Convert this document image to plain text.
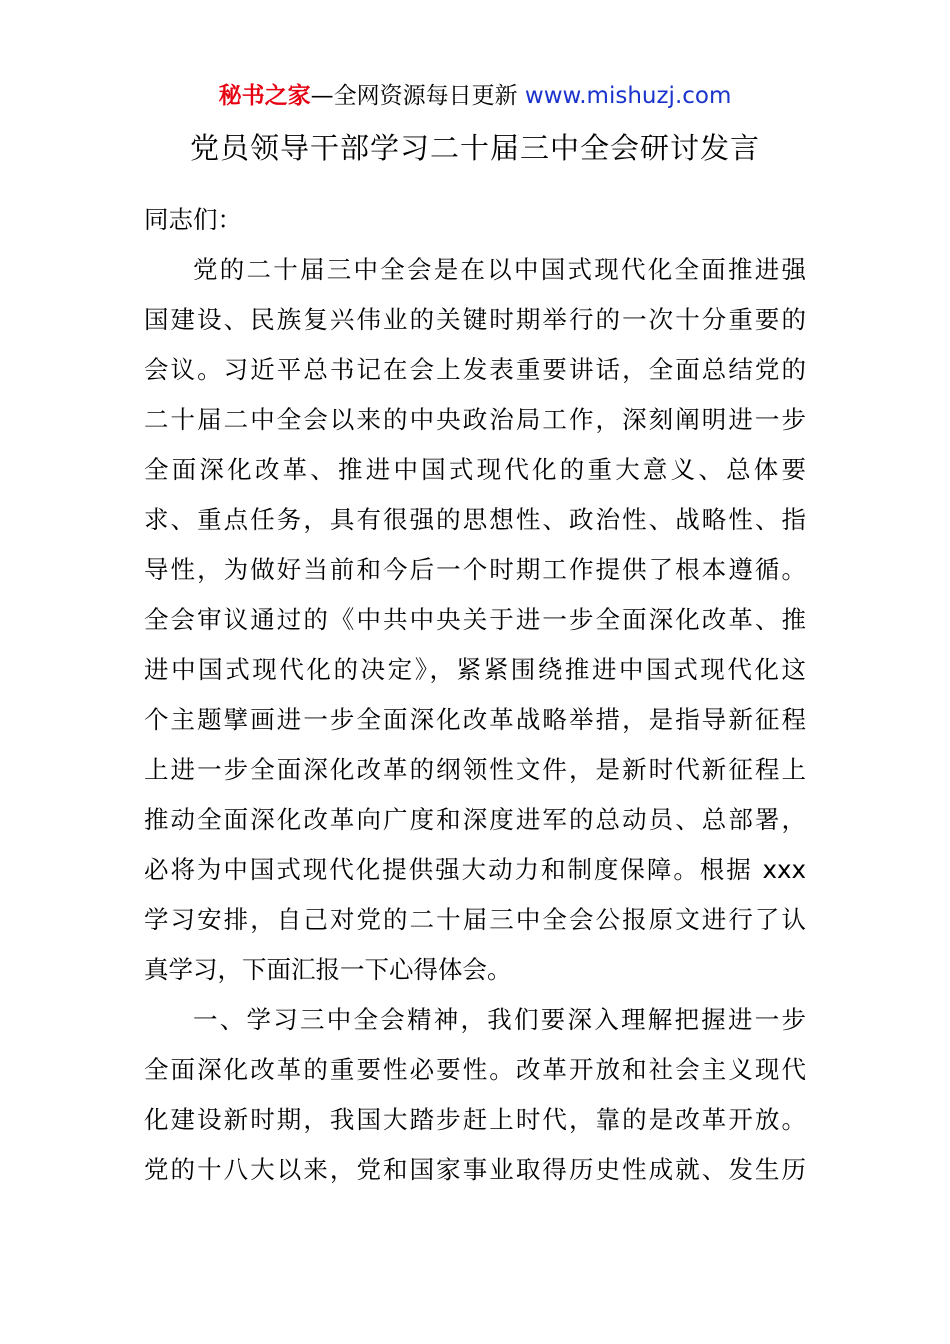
秘书之家—全网资源每日更新 www.mishuzj.com
党员领导干部学习二十届三中全会研讨发言
同志们：
党的二十届三中全会是在以中国式现代化全面推进强
国建设、民族复兴伟业的关键时期举行的一次十分重要的
会议。习近平总书记在会上发表重要讲话，全面总结党的
二十届二中全会以来的中央政治局工作，深刻阐明进一步
全面深化改革、推进中国式现代化的重大意义、总体要
求、重点任务，具有很强的思想性、政治性、战略性、指
导性，为做好当前和今后一个时期工作提供了根本遵循。
全会审议通过的《中共中央关于进一步全面深化改革、推
进中国式现代化的决定》，紧紧围绕推进中国式现代化这
个主题擘画进一步全面深化改革战略举措，是指导新征程
上进一步全面深化改革的纲领性文件，是新时代新征程上
推动全面深化改革向广度和深度进军的总动员、总部署，
必将为中国式现代化提供强大动力和制度保障。根据 xxx
学习安排，自己对党的二十届三中全会公报原文进行了认
真学习，下面汇报一下心得体会。
一、学习三中全会精神，我们要深入理解把握进一步
全面深化改革的重要性必要性。改革开放和社会主义现代
化建设新时期，我国大踏步赶上时代，靠的是改革开放。
党的十八大以来，党和国家事业取得历史性成就、发生历
